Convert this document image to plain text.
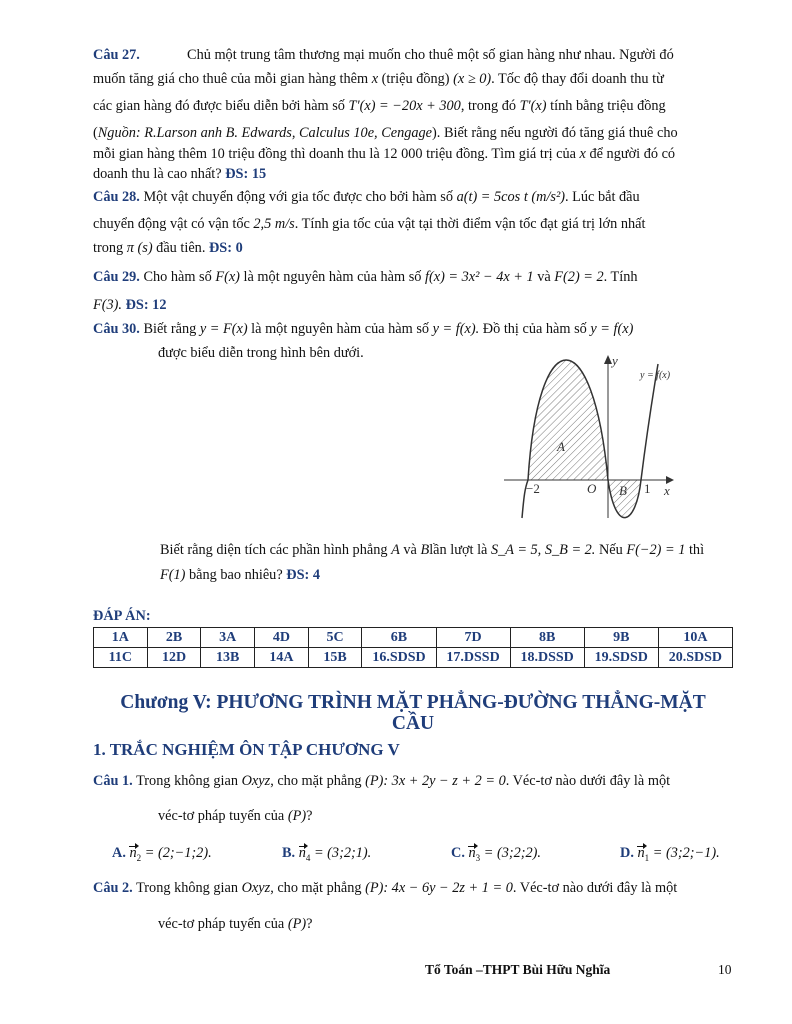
Câu 27.	Chủ một trung tâm thương mại muốn cho thuê một số gian hàng như nhau. Người đó
muốn tăng giá cho thuê của mỗi gian hàng thêm x (triệu đồng) (x ≥ 0). Tốc độ thay đổi doanh thu từ
các gian hàng đó được biểu diễn bởi hàm số T′(x) = −20x + 300, trong đó T′(x) tính bằng triệu đồng
(Nguồn: R.Larson anh B. Edwards, Calculus 10e, Cengage). Biết rằng nếu người đó tăng giá thuê cho
mỗi gian hàng thêm 10 triệu đồng thì doanh thu là 12 000 triệu đồng. Tìm giá trị của x để người đó có
doanh thu là cao nhất? ĐS: 15
Câu 28. Một vật chuyển động với gia tốc được cho bởi hàm số a(t) = 5cos t (m/s²). Lúc bắt đầu
chuyển động vật có vận tốc 2,5 m/s. Tính gia tốc của vật tại thời điểm vận tốc đạt giá trị lớn nhất
trong π (s) đầu tiên. ĐS: 0
Câu 29. Cho hàm số F(x) là một nguyên hàm của hàm số f(x) = 3x² − 4x + 1 và F(2) = 2. Tính
F(3). ĐS: 12
Câu 30. Biết rằng y = F(x) là một nguyên hàm của hàm số y = f(x). Đồ thị của hàm số y = f(x)
được biểu diễn trong hình bên dưới.	y
x
y = f(x)
A
B
O
−2	1
Biết rằng diện tích các phần hình phẳng A và Blần lượt là S_A = 5, S_B = 2. Nếu F(−2) = 1 thì
F(1) bằng bao nhiêu? ĐS: 4
ĐÁP ÁN:
1A	2B	3A	4D	5C	6B	7D	8B	9B	10A
11C	12D	13B	14A	15B	16.SDSD	17.DSSD	18.DSSD	19.SDSD	20.SDSD
Chương V: PHƯƠNG TRÌNH MẶT PHẲNG-ĐƯỜNG THẲNG-MẶT
CẦU
1. TRẮC NGHIỆM ÔN TẬP CHƯƠNG V
Câu 1. Trong không gian Oxyz, cho mặt phẳng (P): 3x + 2y − z + 2 = 0. Véc-tơ nào dưới đây là một
véc-tơ pháp tuyến của (P)?
A. $n_2$ = (2;−1;2).	B. $n_4$ = (3;2;1).	C. $n_3$ = (3;2;2).	D. $n_1$ = (3;2;−1).
Câu 2. Trong không gian Oxyz, cho mặt phẳng (P): 4x − 6y − 2z + 1 = 0. Véc-tơ nào dưới đây là một
véc-tơ pháp tuyến của (P)?
Tổ Toán –THPT Bùi Hữu Nghĩa	10
